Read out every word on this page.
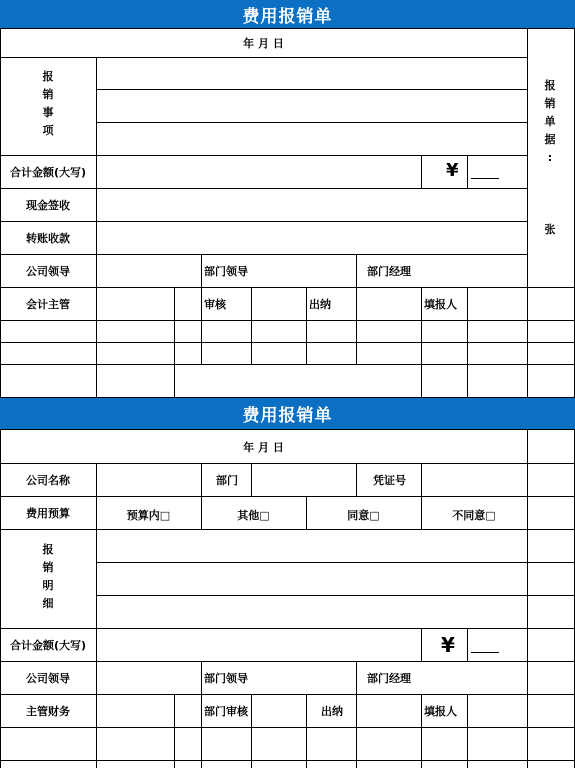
费用报销单
年 月 日
报
销
事
项
合计金额(大写)	¥
现金签收
转账收款
公司领导	部门领导	部门经理
会计主管	审核	出纳	填报人
报
销
单
据
:
张
费用报销单
年 月 日
公司名称	部门	凭证号
费用预算	预算内□	其他□	同意□	不同意□
报
销
明
细
合计金额(大写)	¥
公司领导	部门领导	部门经理
主管财务	部门审核	出纳	填报人
